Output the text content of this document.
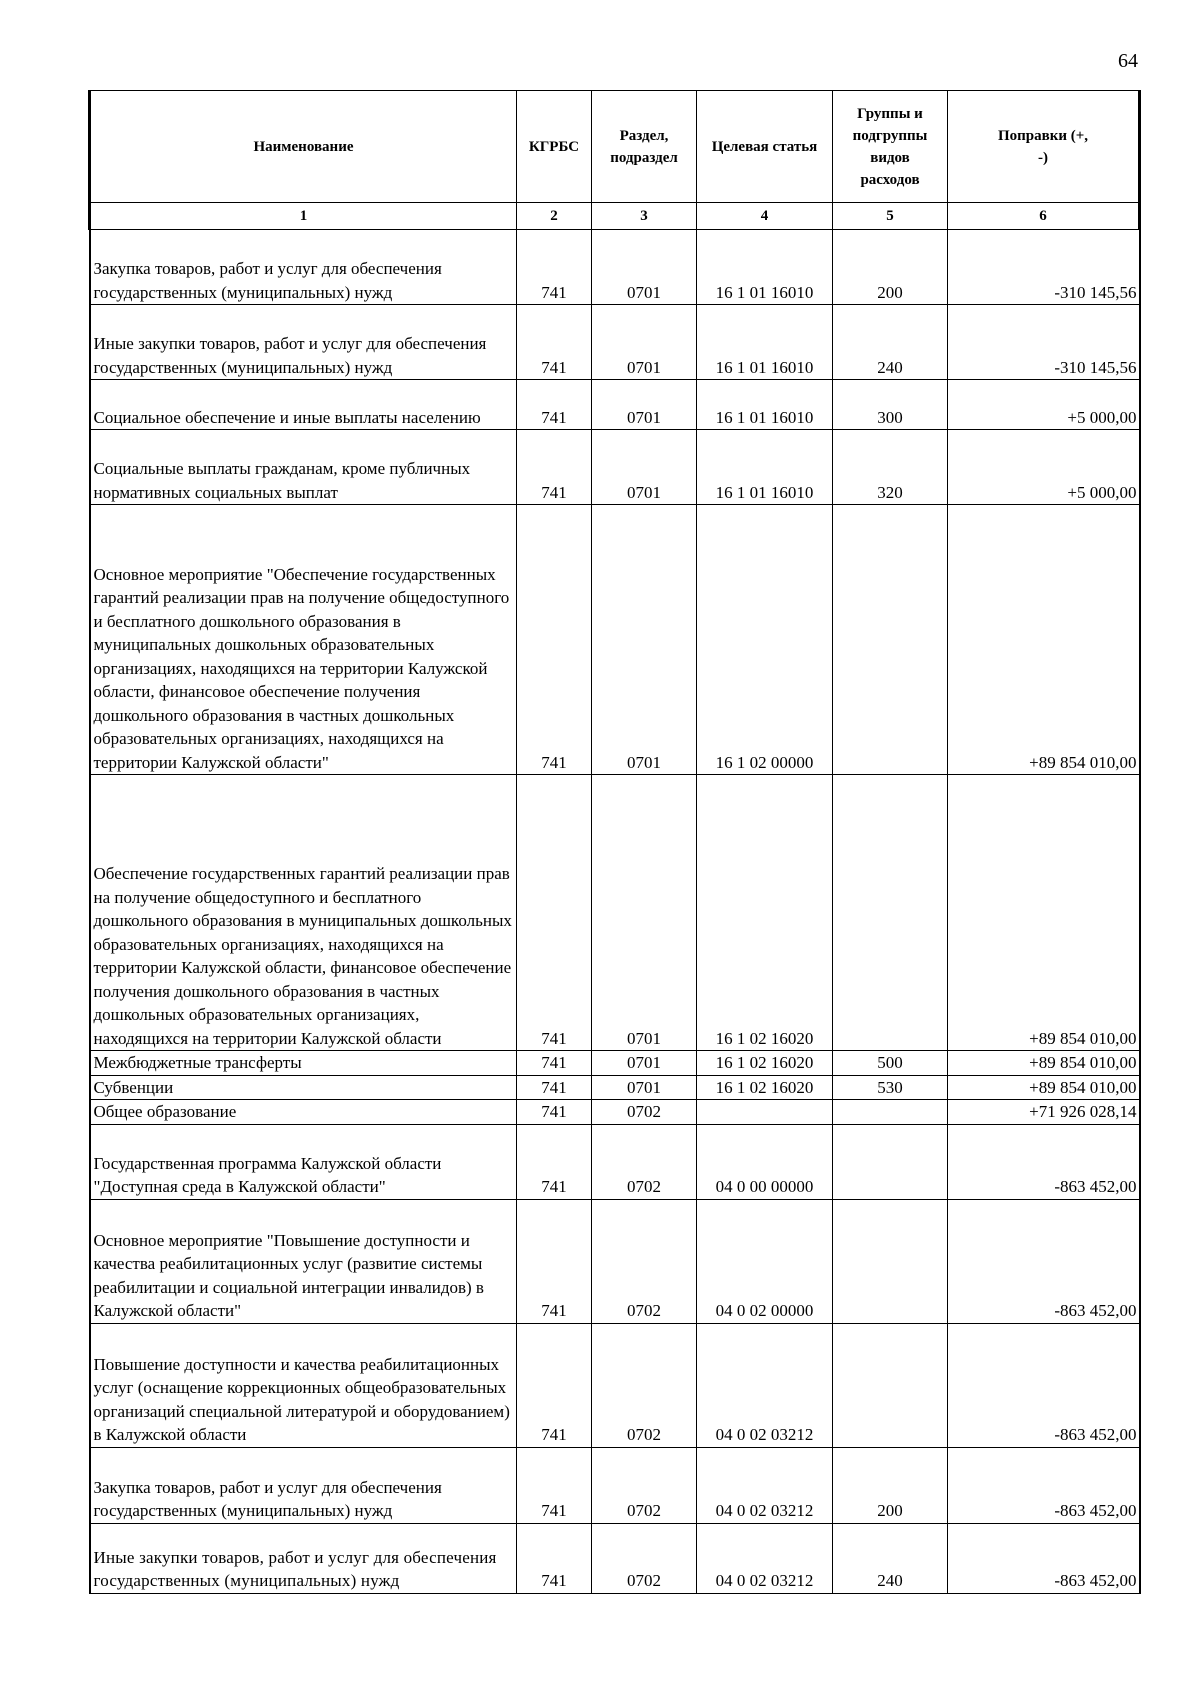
64
Наименование	КГРБС	Раздел, подраздел	Целевая статья	Группы и подгруппы видов расходов	Поправки (+, -)
1	2	3	4	5	6
Закупка товаров, работ и услуг для обеспечения государственных (муниципальных) нужд	741	0701	16 1 01 16010	200	-310 145,56
Иные закупки товаров, работ и услуг для обеспечения государственных (муниципальных) нужд	741	0701	16 1 01 16010	240	-310 145,56
Социальное обеспечение и иные выплаты населению	741	0701	16 1 01 16010	300	+5 000,00
Социальные выплаты гражданам, кроме публичных нормативных социальных выплат	741	0701	16 1 01 16010	320	+5 000,00
Основное мероприятие "Обеспечение государственных гарантий реализации прав на получение общедоступного и бесплатного дошкольного образования в муниципальных дошкольных образовательных организациях, находящихся на территории Калужской области, финансовое обеспечение получения дошкольного образования в частных дошкольных образовательных организациях, находящихся на территории Калужской области"	741	0701	16 1 02 00000		+89 854 010,00
Обеспечение государственных гарантий реализации прав на получение общедоступного и бесплатного дошкольного образования в муниципальных дошкольных образовательных организациях, находящихся на территории Калужской области, финансовое обеспечение получения дошкольного образования в частных дошкольных образовательных организациях, находящихся на территории Калужской области	741	0701	16 1 02 16020		+89 854 010,00
Межбюджетные трансферты	741	0701	16 1 02 16020	500	+89 854 010,00
Субвенции	741	0701	16 1 02 16020	530	+89 854 010,00
Общее образование	741	0702			+71 926 028,14
Государственная программа Калужской области "Доступная среда в Калужской области"	741	0702	04 0 00 00000		-863 452,00
Основное мероприятие "Повышение доступности и качества реабилитационных услуг (развитие системы реабилитации и социальной интеграции инвалидов) в Калужской области"	741	0702	04 0 02 00000		-863 452,00
Повышение доступности и качества реабилитационных услуг (оснащение коррекционных общеобразовательных организаций специальной литературой и оборудованием) в Калужской области	741	0702	04 0 02 03212		-863 452,00
Закупка товаров, работ и услуг для обеспечения государственных (муниципальных) нужд	741	0702	04 0 02 03212	200	-863 452,00
Иные закупки товаров, работ и услуг для обеспечения государственных (муниципальных) нужд	741	0702	04 0 02 03212	240	-863 452,00
